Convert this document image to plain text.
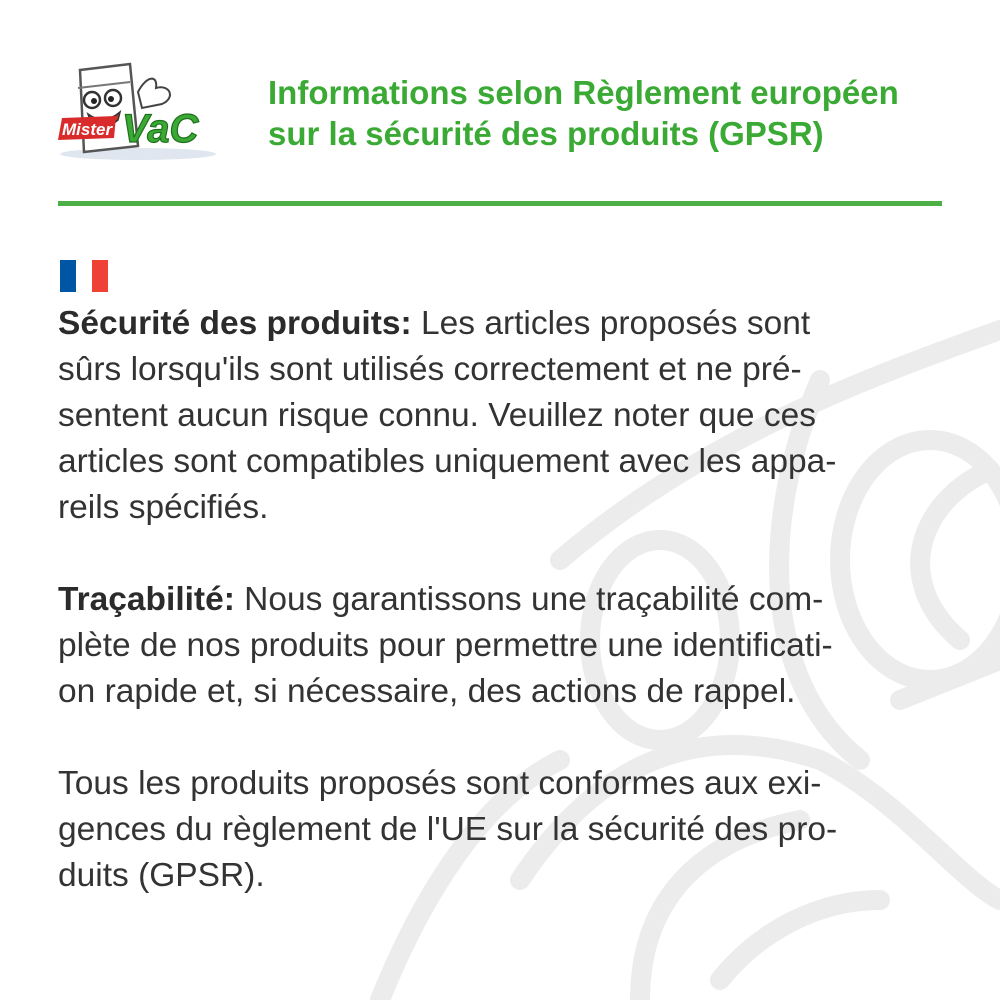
Mister VaC
Informations selon Règlement européen
sur la sécurité des produits (GPSR)

Sécurité des produits: Les articles proposés sont
sûrs lorsqu'ils sont utilisés correctement et ne pré-
sentent aucun risque connu. Veuillez noter que ces
articles sont compatibles uniquement avec les appa-
reils spécifiés.

Traçabilité: Nous garantissons une traçabilité com-
plète de nos produits pour permettre une identificati-
on rapide et, si nécessaire, des actions de rappel.

Tous les produits proposés sont conformes aux exi-
gences du règlement de l'UE sur la sécurité des pro-
duits (GPSR).
